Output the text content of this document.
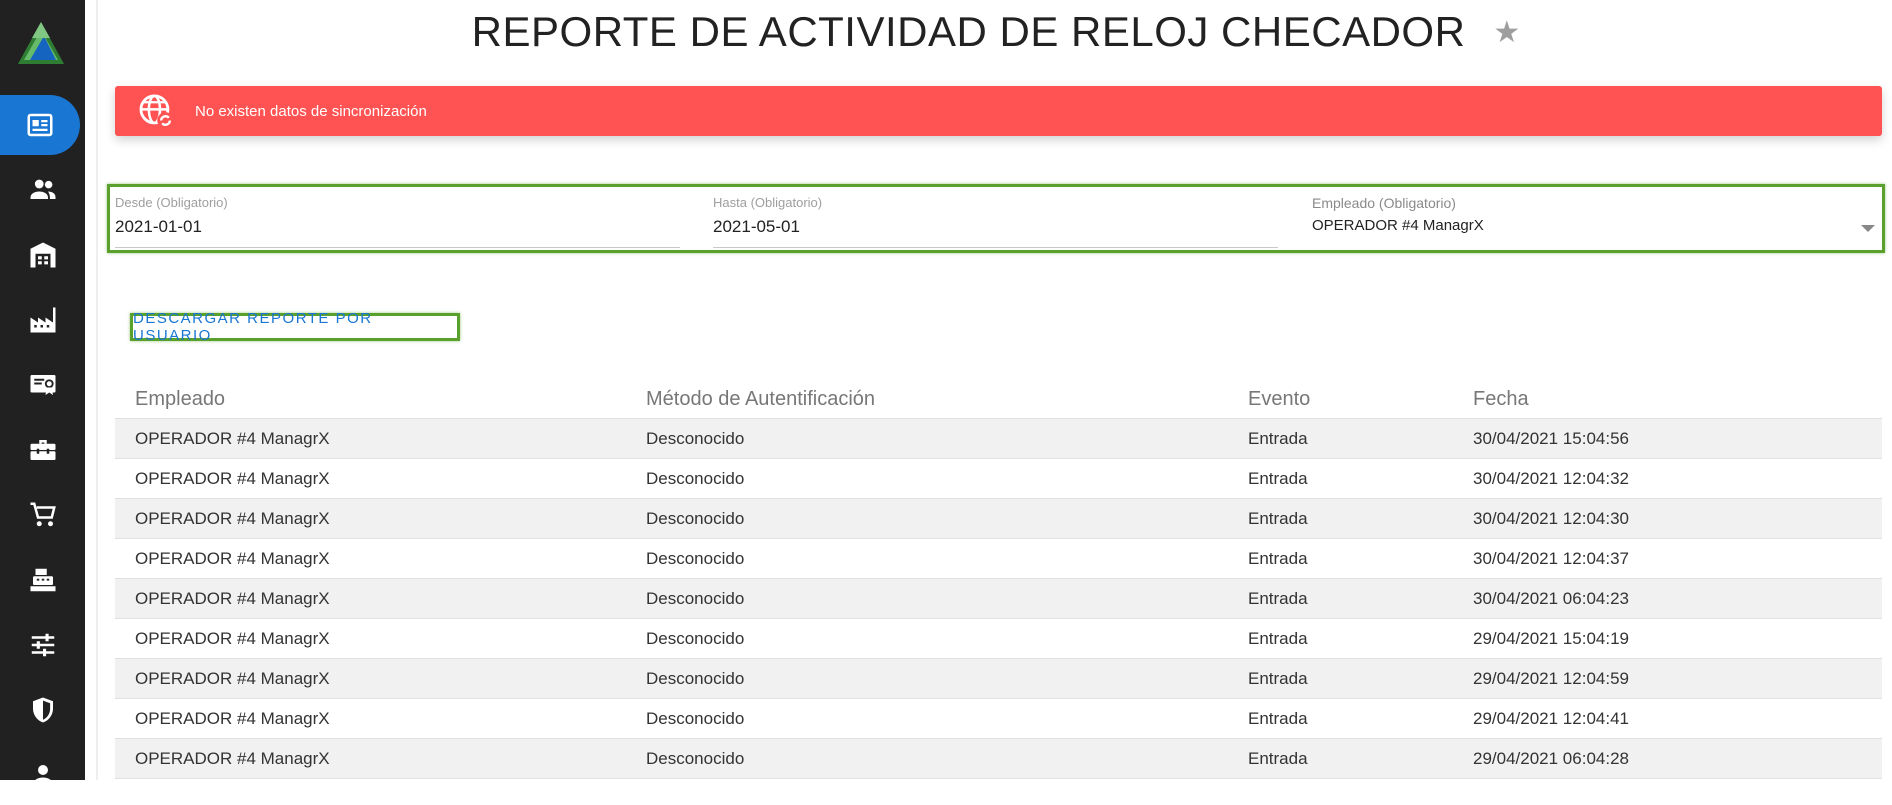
REPORTE DE ACTIVIDAD DE RELOJ CHECADOR ★
No existen datos de sincronización
Desde (Obligatorio)
2021-01-01
Hasta (Obligatorio)
2021-05-01
Empleado (Obligatorio)
OPERADOR #4 ManagrX
DESCARGAR REPORTE POR USUARIO
Empleado	Método de Autentificación	Evento	Fecha
OPERADOR #4 ManagrX	Desconocido	Entrada	30/04/2021 15:04:56
OPERADOR #4 ManagrX	Desconocido	Entrada	30/04/2021 12:04:32
OPERADOR #4 ManagrX	Desconocido	Entrada	30/04/2021 12:04:30
OPERADOR #4 ManagrX	Desconocido	Entrada	30/04/2021 12:04:37
OPERADOR #4 ManagrX	Desconocido	Entrada	30/04/2021 06:04:23
OPERADOR #4 ManagrX	Desconocido	Entrada	29/04/2021 15:04:19
OPERADOR #4 ManagrX	Desconocido	Entrada	29/04/2021 12:04:59
OPERADOR #4 ManagrX	Desconocido	Entrada	29/04/2021 12:04:41
OPERADOR #4 ManagrX	Desconocido	Entrada	29/04/2021 06:04:28
